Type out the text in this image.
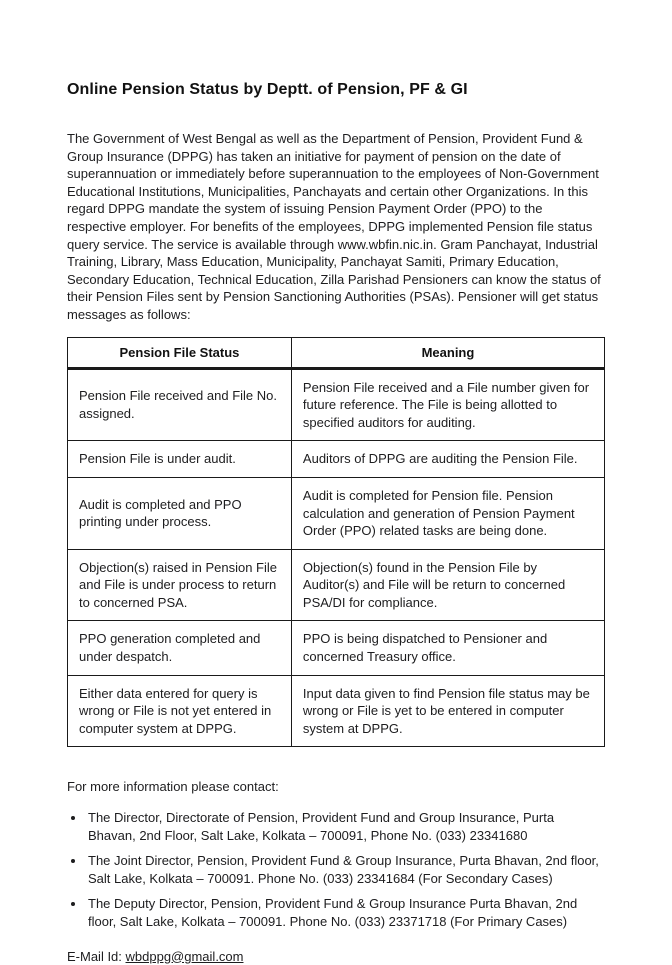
Online Pension Status by Deptt. of Pension, PF & GI

The Government of West Bengal as well as the Department of Pension, Provident Fund & Group Insurance (DPPG) has taken an initiative for payment of pension on the date of superannuation or immediately before superannuation to the employees of Non-Government Educational Institutions, Municipalities, Panchayats and certain other Organizations. In this regard DPPG mandate the system of issuing Pension Payment Order (PPO) to the respective employer. For benefits of the employees, DPPG implemented Pension file status query service. The service is available through www.wbfin.nic.in. Gram Panchayat, Industrial Training, Library, Mass Education, Municipality, Panchayat Samiti, Primary Education, Secondary Education, Technical Education, Zilla Parishad Pensioners can know the status of their Pension Files sent by Pension Sanctioning Authorities (PSAs). Pensioner will get status messages as follows:

Pension File Status	Meaning
Pension File received and File No. assigned.	Pension File received and a File number given for future reference. The File is being allotted to specified auditors for auditing.
Pension File is under audit.	Auditors of DPPG are auditing the Pension File.
Audit is completed and PPO printing under process.	Audit is completed for Pension file. Pension calculation and generation of Pension Payment Order (PPO) related tasks are being done.
Objection(s) raised in Pension File and File is under process to return to concerned PSA.	Objection(s) found in the Pension File by Auditor(s) and File will be return to concerned PSA/DI for compliance.
PPO generation completed and under despatch.	PPO is being dispatched to Pensioner and concerned Treasury office.
Either data entered for query is wrong or File is not yet entered in computer system at DPPG.	Input data given to find Pension file status may be wrong or File is yet to be entered in computer system at DPPG.

For more information please contact:

• The Director, Directorate of Pension, Provident Fund and Group Insurance, Purta Bhavan, 2nd Floor, Salt Lake, Kolkata – 700091, Phone No. (033) 23341680
• The Joint Director, Pension, Provident Fund & Group Insurance, Purta Bhavan, 2nd floor, Salt Lake, Kolkata – 700091. Phone No. (033) 23341684 (For Secondary Cases)
• The Deputy Director, Pension, Provident Fund & Group Insurance Purta Bhavan, 2nd floor, Salt Lake, Kolkata – 700091. Phone No. (033) 23371718 (For Primary Cases)

E-Mail Id: wbdppg@gmail.com
